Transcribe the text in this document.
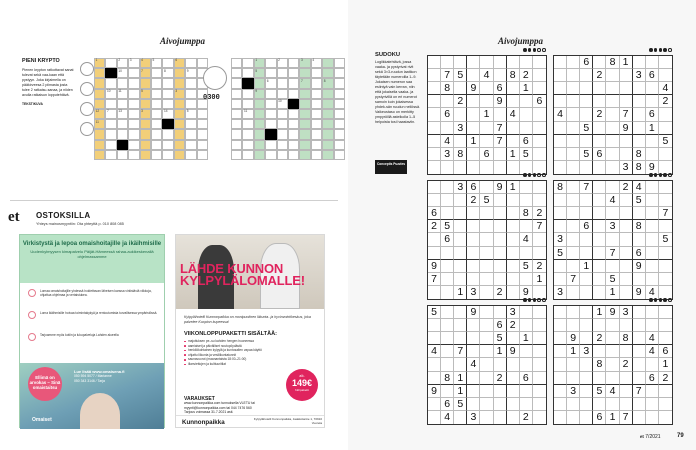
Aivojumppa
PIENI KRYPTO
Pienen krypton ratkottavat sanat tulevat sekä vaa-kaan että pystyyn. Joka kirjaimella on pääkirveesa 2 piimasta josta tulee 2 ratkaisu-sanaa, ja niiden avulla ratkaisun lopputehtävä.
TEKSTIKUVA
1	2	3	4	5	6
10	7	8	9
10	11	5	3
12	7	13	3	14	5
11
0300
1	2	3	4
5
6	7	8
9
10
11
et OSTOKSILLA
Yhteys mainosmyyntiin: Ota yhteyttä p. 010 808 085
Virkistystä ja lepoa omaishoitajille ja ikäihmisille
Uudenkylmyysen kimapalvelu Päijät-Hämeessä rahaa-aukikeskenallä ohjelmassamme
Lomaa omaishoitajille yhdessä hoidettavan läheisen kanssa virkistäviä viikkoja, ohjattua ohjelmaa ja vertaistukea.
Loma ikäihmisille hoivaa toimintakykyä ja rentoutumista turvallisessa ympäristössä.
Tarjoamme myös kotiin ja lukupalveluja Lahden alueella
Ellimä on arvokas – Sinä omaistaitsu
Lue lisää www.omaisena.fi
050 594 5077 / Marianne
050 343 3146 / Tarja
Omaiset
LÄHDE KUNNON KYLPYLÄLOMALLE!
Kylpylähotelli Kunnonpaikka on monipuolinen liikunta- ja hyvinvointikeskus, joka palvelee Kuopion kupeessa!
VIIKONLOPPUPAKETTI SISÄLTÄÄ:
majoituksen pe–su kahden hengen huoneessa
aamiaiset ja päivälliset noutopöydästä
henkilökohtainen kylpylä ja kuntosalien vapaa käyttö
ohjattu liikunta ja vesiliikuntatunnit
saunavuorot (maanantaista 18:00–21:00)
illanviettojen ja kulttuuritilat
alk.
149€
hlö/paketti
VARAUKSET
www.kunnonpaikka.com tunnuksella VLETU tai myynti@kunnonpaikka.com tai 044 7476 560
Tarjous voimassa 31.7.2021 asti.
Kunnonpaikka	Kylpylähotelli Kunnonpaikka, Jaakkolantie 1, 70910 Vuorela
Aivojumppa
SUDOKU
Logiikkatehtävä, jossa vaaka- ja pystyrivat rivit sekä 3×3-ruudun laatikon täytetään numeroilla 1–9. Jokaisen numeron saa esiintyä vain kerran, niin että jokaisella vaaka- ja pystyrivillä on eri numerot samoin kuin jokaisessa yhdek-sän ruudun neliössä. Vaikeustaso on merkitty ympyröillä asteikolla 1–5 helpoista tosi haastaviin.
Conceptis Puzzles
7 5	4	8 2
8	9	6	1
2	9	6
6	1	4
3	7
4	1	7	6
3 8	6	1 5
6	8 1
2	3 6
4
2
4	2	7	6
5	9	1
5
5 6	8
3 8 9
3 6	9 1
2 5
6	8 2
2 5	7
6	4
9	5 2
7	1
1 3	2	9
8	7	2 4
4	5
7
6	3	8
3	5
5	7	6
1	9
7	5
3	1	9 4
5	9	3
6 2
5	1
4	7	1 9
4
8 1	2	6
9	1
6 5
4	3	2
1 9 3
9	2	8	4
1 3	4 6
8	2	1
6 2
3	5 4	7
6 1 7
et 7/2021	79
